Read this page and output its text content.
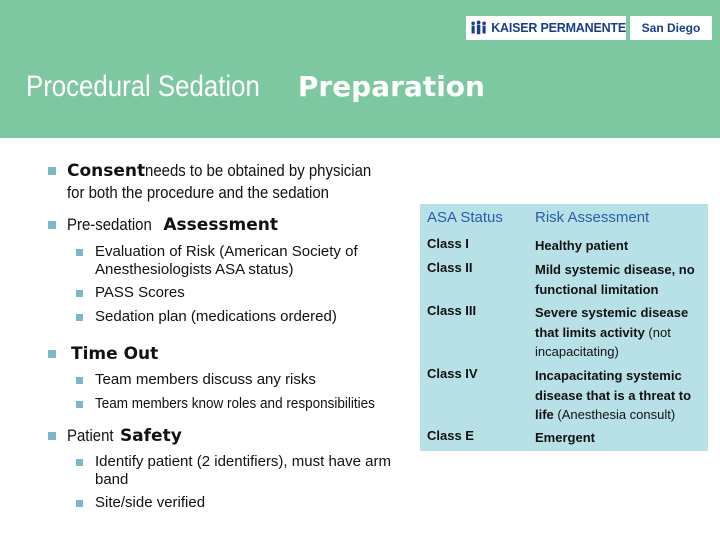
KAISER PERMANENTE San Diego
Procedural SedationPreparation
Consentneeds to be obtained by physician
for both the procedure and the sedation
Pre-sedationAssessment
Evaluation of Risk (American Society of Anesthesiologists ASA status)
PASS Scores
Sedation plan (medications ordered)
Time Out
Team members discuss any risks
Team members know roles and responsibilities
PatientSafety
Identify patient (2 identifiers), must have arm band
Site/side verified
ASA Status	Risk Assessment
Class I	Healthy patient
Class II	Mild systemic disease, no functional limitation
Class III	Severe systemic disease that limits activity (not incapacitating)
Class IV	Incapacitating systemic disease that is a threat to life (Anesthesia consult)
Class E	Emergent
